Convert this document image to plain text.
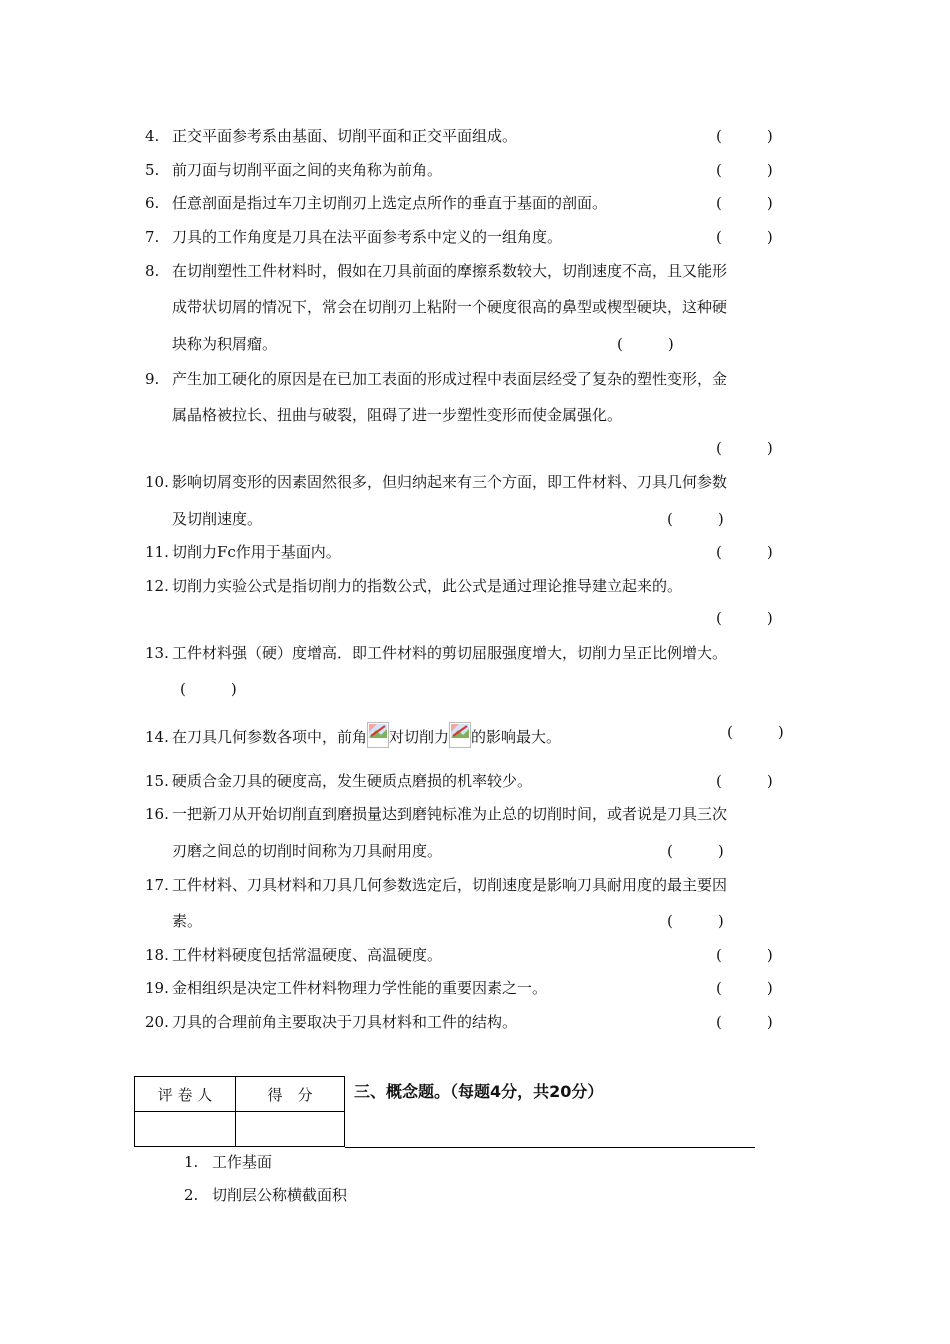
4. 正交平面参考系由基面、切削平面和正交平面组成。	(　　　)
5. 前刀面与切削平面之间的夹角称为前角。	(　　　)
6. 任意剖面是指过车刀主切削刃上选定点所作的垂直于基面的剖面。	(　　　)
7. 刀具的工作角度是刀具在法平面参考系中定义的一组角度。	(　　　)
8. 在切削塑性工件材料时，假如在刀具前面的摩擦系数较大，切削速度不高，且又能形
成带状切屑的情况下，常会在切削刃上粘附一个硬度很高的鼻型或楔型硬块，这种硬
块称为积屑瘤。	(　　　)
9. 产生加工硬化的原因是在已加工表面的形成过程中表面层经受了复杂的塑性变形，金
属晶格被拉长、扭曲与破裂，阻碍了进一步塑性变形而使金属强化。
(　　　)
10. 影响切屑变形的因素固然很多，但归纳起来有三个方面，即工件材料、刀具几何参数
及切削速度。	(　　　)
11. 切削力Fc作用于基面内。	(　　　)
12. 切削力实验公式是指切削力的指数公式，此公式是通过理论推导建立起来的。
(　　　)
13. 工件材料强（硬）度增高．即工件材料的剪切屈服强度增大，切削力呈正比例增大。
(　　　)
14. 在刀具几何参数各项中，前角 对切削力 的影响最大。	(　　　)
15. 硬质合金刀具的硬度高，发生硬质点磨损的机率较少。	(　　　)
16. 一把新刀从开始切削直到磨损量达到磨钝标准为止总的切削时间，或者说是刀具三次
刃磨之间总的切削时间称为刀具耐用度。	(　　　)
17. 工件材料、刀具材料和刀具几何参数选定后，切削速度是影响刀具耐用度的最主要因
素。	(　　　)
18. 工件材料硬度包括常温硬度、高温硬度。	(　　　)
19. 金相组织是决定工件材料物理力学性能的重要因素之一。	(　　　)
20. 刀具的合理前角主要取决于刀具材料和工件的结构。	(　　　)
评 卷 人	得　分
		三、概念题。（每题4分，共20分）
1. 工作基面
2. 切削层公称横截面积
